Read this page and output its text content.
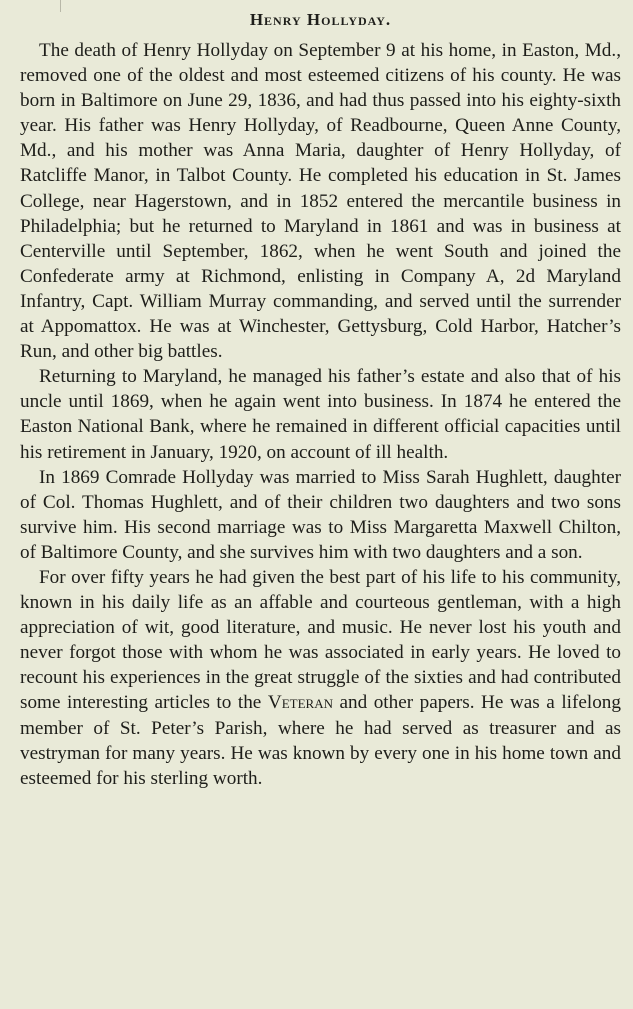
Henry Hollyday.

The death of Henry Hollyday on September 9 at his home, in Easton, Md., removed one of the oldest and most esteemed citizens of his county. He was born in Baltimore on June 29, 1836, and had thus passed into his eighty-sixth year. His father was Henry Hollyday, of Readbourne, Queen Anne County, Md., and his mother was Anna Maria, daughter of Henry Hollyday, of Ratcliffe Manor, in Talbot County. He completed his education in St. James College, near Hagerstown, and in 1852 entered the mercantile business in Philadelphia; but he returned to Maryland in 1861 and was in business at Centerville until September, 1862, when he went South and joined the Confederate army at Richmond, enlisting in Company A, 2d Maryland Infantry, Capt. William Murray commanding, and served until the surrender at Appomattox. He was at Winchester, Gettysburg, Cold Harbor, Hatcher’s Run, and other big battles.

Returning to Maryland, he managed his father’s estate and also that of his uncle until 1869, when he again went into business. In 1874 he entered the Easton National Bank, where he remained in different official capacities until his retirement in January, 1920, on account of ill health.

In 1869 Comrade Hollyday was married to Miss Sarah Hughlett, daughter of Col. Thomas Hughlett, and of their children two daughters and two sons survive him. His second marriage was to Miss Margaretta Maxwell Chilton, of Baltimore County, and she survives him with two daughters and a son.

For over fifty years he had given the best part of his life to his community, known in his daily life as an affable and courteous gentleman, with a high appreciation of wit, good literature, and music. He never lost his youth and never forgot those with whom he was associated in early years. He loved to recount his experiences in the great struggle of the sixties and had contributed some interesting articles to the Veteran and other papers. He was a lifelong member of St. Peter’s Parish, where he had served as treasurer and as vestryman for many years. He was known by every one in his home town and esteemed for his sterling worth.
